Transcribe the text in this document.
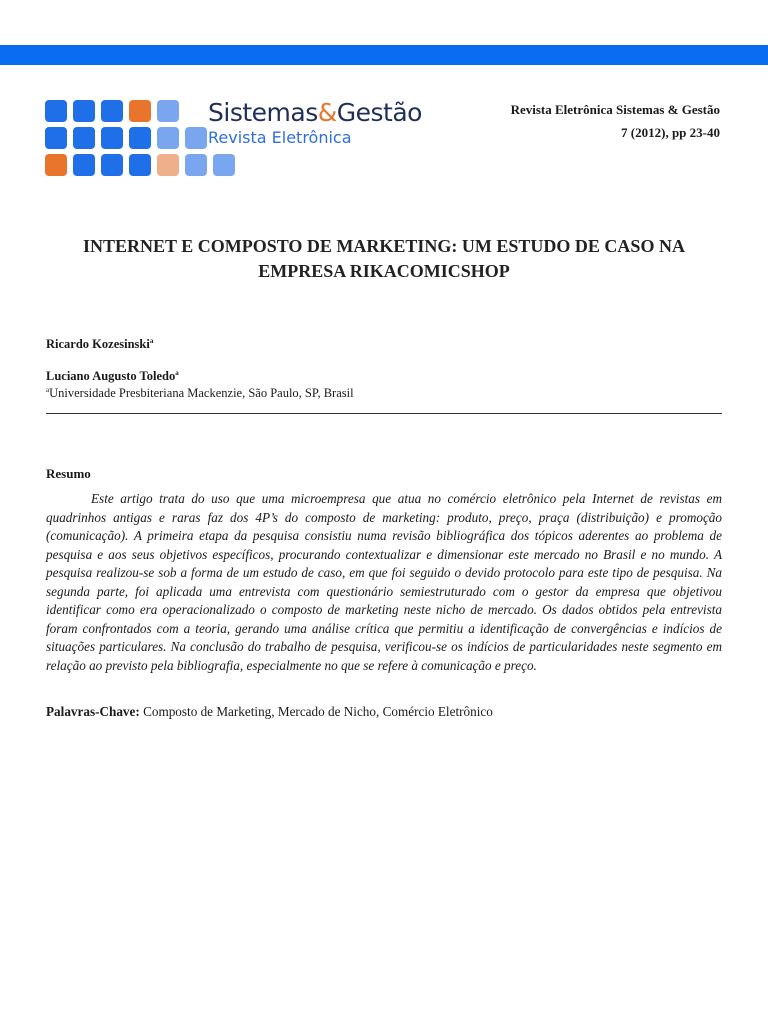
Sistemas&Gestão
Revista Eletrônica
Revista Eletrônica Sistemas & Gestão
7 (2012), pp 23-40
INTERNET E COMPOSTO DE MARKETING: UM ESTUDO DE CASO NA
EMPRESA RIKACOMICSHOP
Ricardo Kozesinski$^a$
Luciano Augusto Toledo$^a$
$^a$Universidade Presbiteriana Mackenzie, São Paulo, SP, Brasil
Resumo

Este artigo trata do uso que uma microempresa que atua no comércio eletrônico pela Internet de revistas em quadrinhos antigas e raras faz dos 4P’s do composto de marketing: produto, preço, praça (distribuição) e promoção (comunicação). A primeira etapa da pesquisa consistiu numa revisão bibliográfica dos tópicos aderentes ao problema de pesquisa e aos seus objetivos específicos, procurando contextualizar e dimensionar este mercado no Brasil e no mundo. A pesquisa realizou-se sob a forma de um estudo de caso, em que foi seguido o devido protocolo para este tipo de pesquisa. Na segunda parte, foi aplicada uma entrevista com questionário semiestruturado com o gestor da empresa que objetivou identificar como era operacionalizado o composto de marketing neste nicho de mercado. Os dados obtidos pela entrevista foram confrontados com a teoria, gerando uma análise crítica que permitiu a identificação de convergências e indícios de situações particulares. Na conclusão do trabalho de pesquisa, verificou-se os indícios de particularidades neste segmento em relação ao previsto pela bibliografia, especialmente no que se refere à comunicação e preço.

Palavras-Chave: Composto de Marketing, Mercado de Nicho, Comércio Eletrônico
